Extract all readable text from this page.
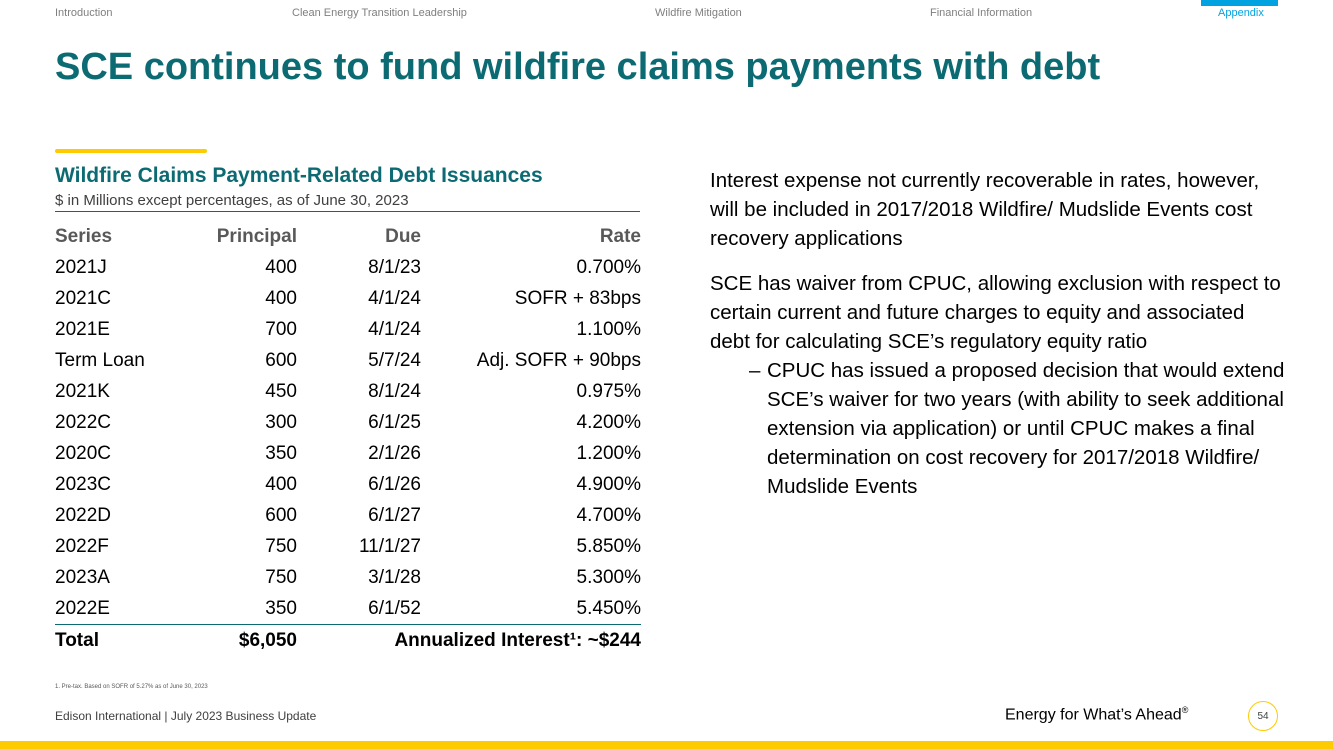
Introduction	Clean Energy Transition Leadership	Wildfire Mitigation	Financial Information	Appendix
SCE continues to fund wildfire claims payments with debt
Wildfire Claims Payment-Related Debt Issuances
$ in Millions except percentages, as of June 30, 2023
Series	Principal	Due	Rate
2021J	400	8/1/23	0.700%
2021C	400	4/1/24	SOFR + 83bps
2021E	700	4/1/24	1.100%
Term Loan	600	5/7/24	Adj. SOFR + 90bps
2021K	450	8/1/24	0.975%
2022C	300	6/1/25	4.200%
2020C	350	2/1/26	1.200%
2023C	400	6/1/26	4.900%
2022D	600	6/1/27	4.700%
2022F	750	11/1/27	5.850%
2023A	750	3/1/28	5.300%
2022E	350	6/1/52	5.450%
Total	$6,050	Annualized Interest¹: ~$244	
1. Pre-tax. Based on SOFR of 5.27% as of June 30, 2023

Interest expense not currently recoverable in rates, however, will be included in 2017/2018 Wildfire/ Mudslide Events cost recovery applications

SCE has waiver from CPUC, allowing exclusion with respect to certain current and future charges to equity and associated debt for calculating SCE’s regulatory equity ratio

– CPUC has issued a proposed decision that would extend SCE’s waiver for two years (with ability to seek additional extension via application) or until CPUC makes a final determination on cost recovery for 2017/2018 Wildfire/ Mudslide Events
Edison International | July 2023 Business Update	Energy for What’s Ahead®
54
